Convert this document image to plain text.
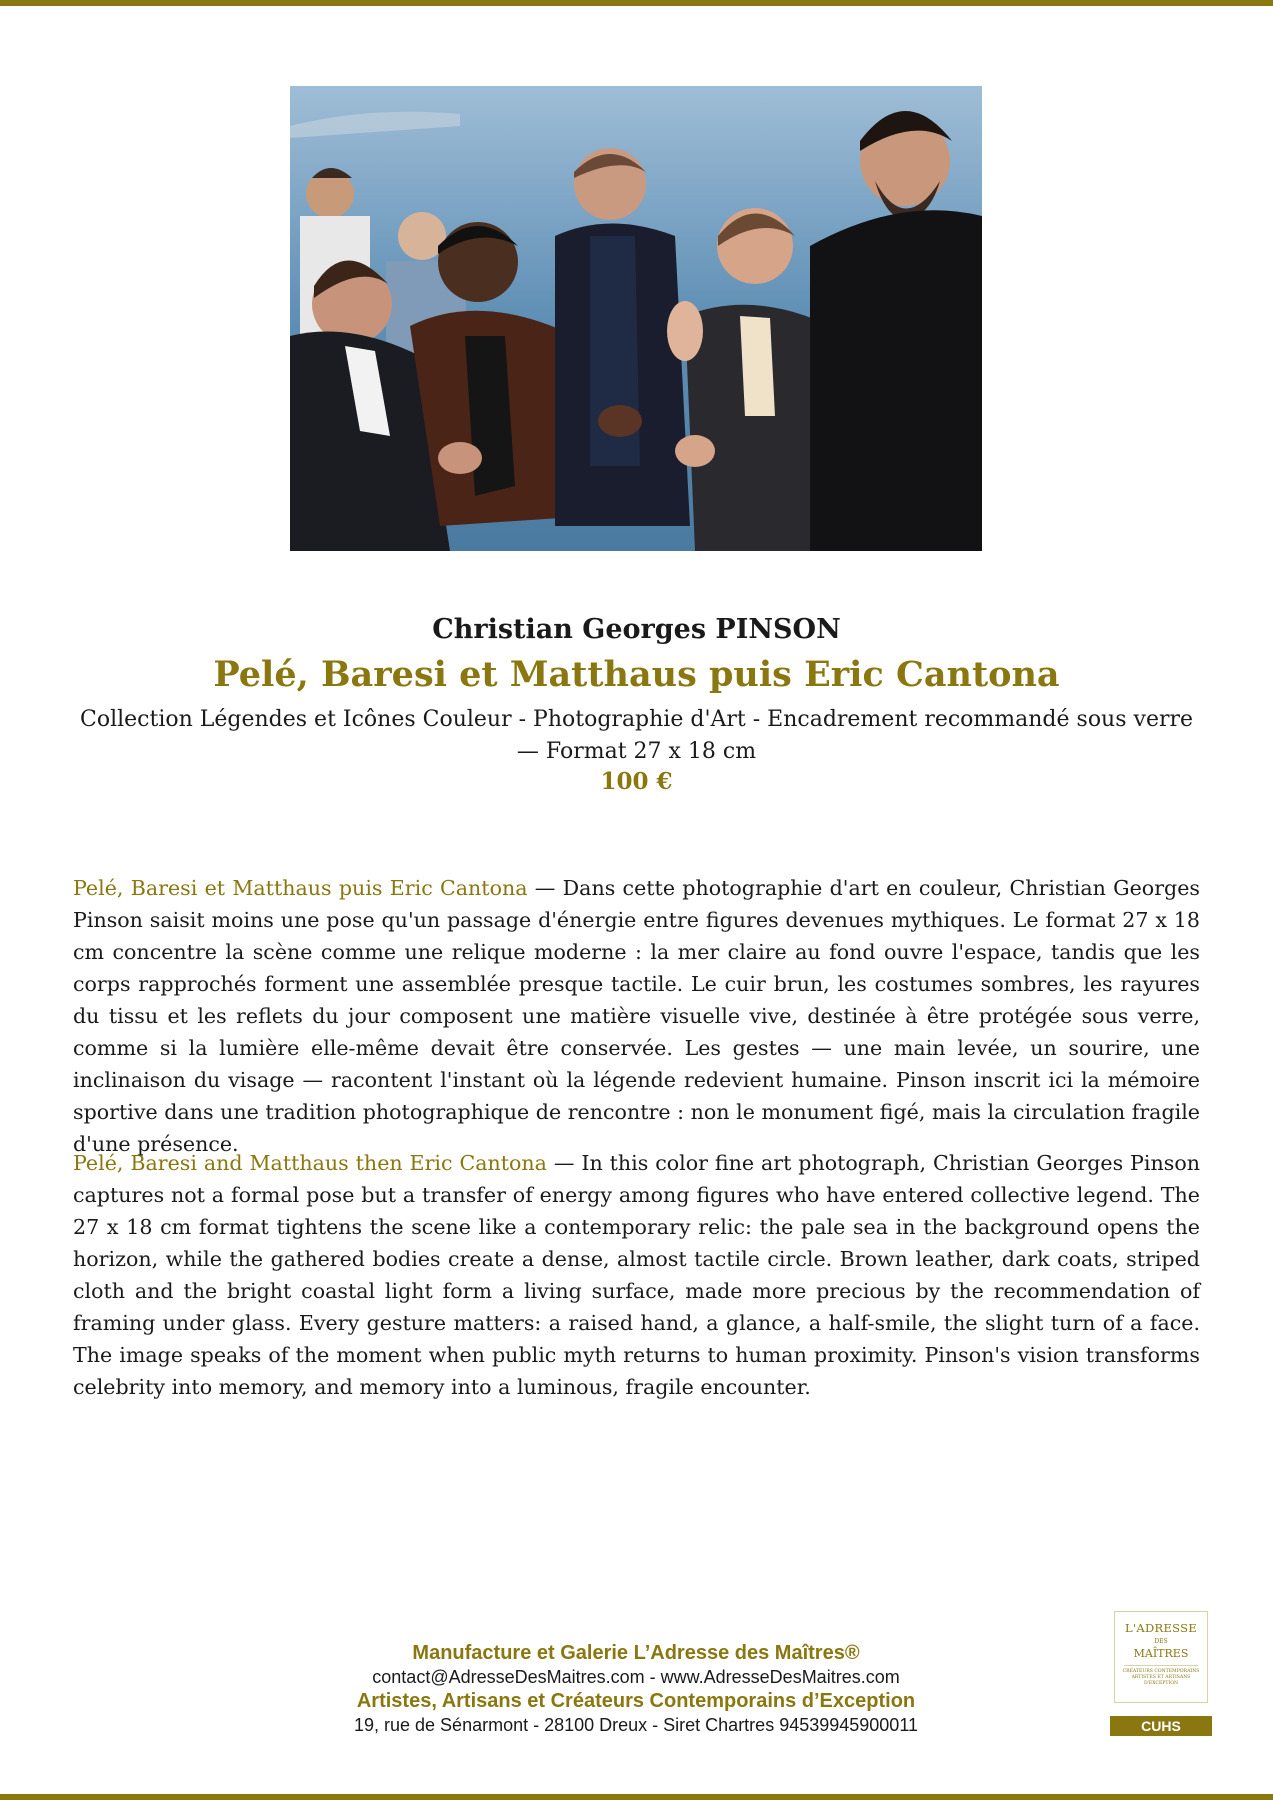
Christian Georges PINSON
Pelé, Baresi et Matthaus puis Eric Cantona
Collection Légendes et Icônes Couleur - Photographie d'Art - Encadrement recommandé sous verre — Format 27 x 18 cm
100 €

Pelé, Baresi et Matthaus puis Eric Cantona — Dans cette photographie d'art en couleur, Christian Georges Pinson saisit moins une pose qu'un passage d'énergie entre figures devenues mythiques. Le format 27 x 18 cm concentre la scène comme une relique moderne : la mer claire au fond ouvre l'espace, tandis que les corps rapprochés forment une assemblée presque tactile. Le cuir brun, les costumes sombres, les rayures du tissu et les reflets du jour composent une matière visuelle vive, destinée à être protégée sous verre, comme si la lumière elle-même devait être conservée. Les gestes — une main levée, un sourire, une inclinaison du visage — racontent l'instant où la légende redevient humaine. Pinson inscrit ici la mémoire sportive dans une tradition photographique de rencontre : non le monument figé, mais la circulation fragile d'une présence.

Pelé, Baresi and Matthaus then Eric Cantona — In this color fine art photograph, Christian Georges Pinson captures not a formal pose but a transfer of energy among figures who have entered collective legend. The 27 x 18 cm format tightens the scene like a contemporary relic: the pale sea in the background opens the horizon, while the gathered bodies create a dense, almost tactile circle. Brown leather, dark coats, striped cloth and the bright coastal light form a living surface, made more precious by the recommendation of framing under glass. Every gesture matters: a raised hand, a glance, a half-smile, the slight turn of a face. The image speaks of the moment when public myth returns to human proximity. Pinson's vision transforms celebrity into memory, and memory into a luminous, fragile encounter.

Manufacture et Galerie L’Adresse des Maîtres®
contact@AdresseDesMaitres.com - www.AdresseDesMaitres.com
Artistes, Artisans et Créateurs Contemporains d’Exception
19, rue de Sénarmont - 28100 Dreux - Siret Chartres 94539945900011
L'ADRESSE
DES
MAÎTRES
CRÉATEURS CONTEMPORAINS ARTISTES ET ARTISANS D'EXCEPTION
CUHS
